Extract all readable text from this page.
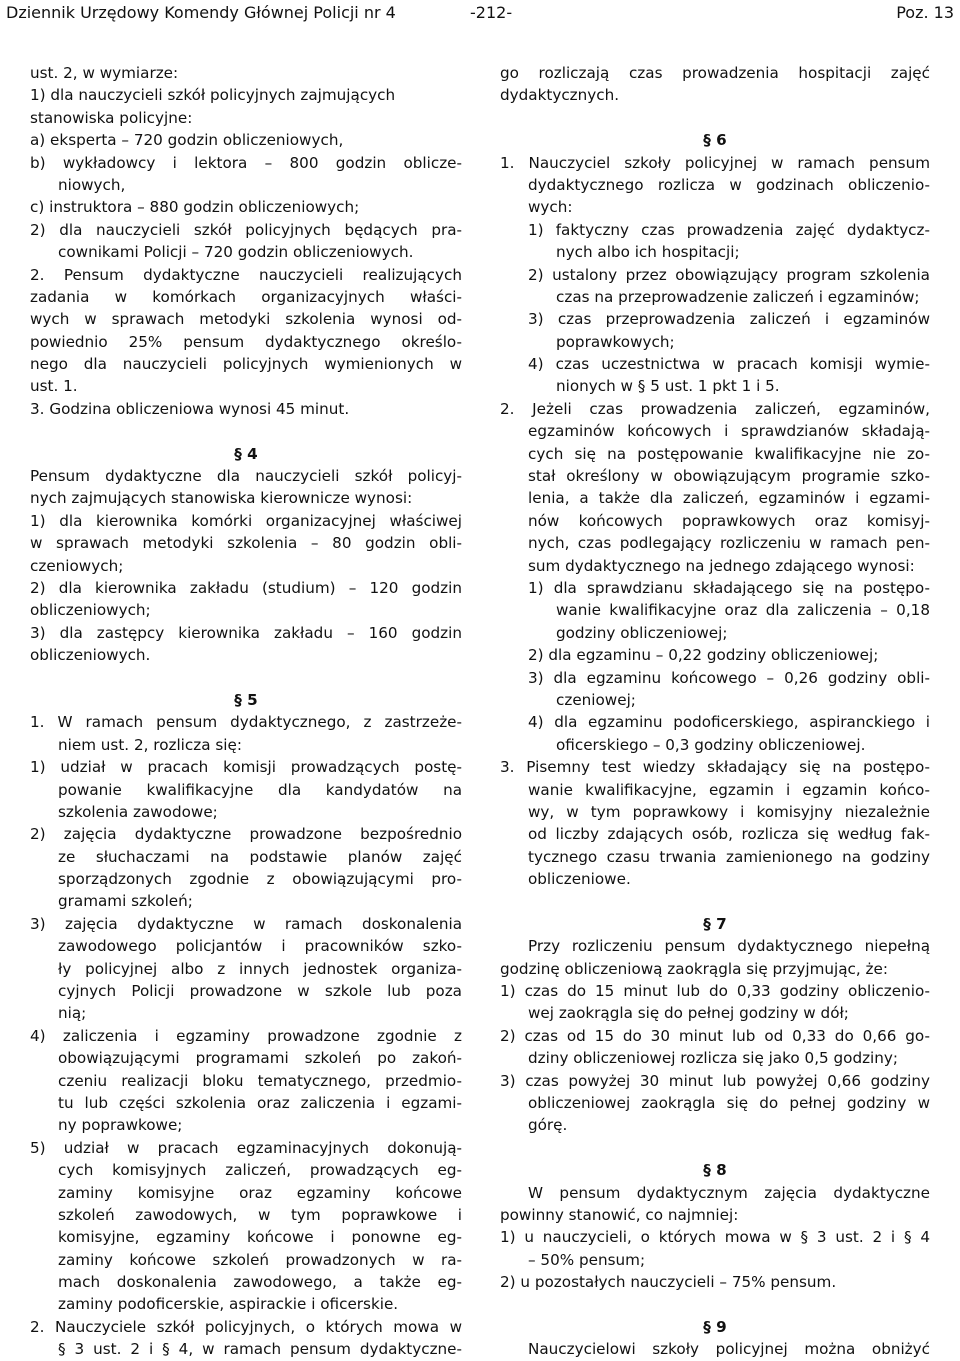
Dziennik Urzędowy Komendy Głównej Policji nr 4	-212-	Poz. 13
ust. 2, w wymiarze:
1) dla nauczycieli szkół policyjnych zajmujących
stanowiska policyjne:
a) eksperta – 720 godzin obliczeniowych,
b) wykładowcy i lektora – 800 godzin oblicze-
niowych,
c) instruktora – 880 godzin obliczeniowych;
2) dla nauczycieli szkół policyjnych będących pra-
cownikami Policji – 720 godzin obliczeniowych.
2. Pensum dydaktyczne nauczycieli realizujących
zadania w komórkach organizacyjnych właści-
wych w sprawach metodyki szkolenia wynosi od-
powiednio 25% pensum dydaktycznego określo-
nego dla nauczycieli policyjnych wymienionych w
ust. 1.
3. Godzina obliczeniowa wynosi 45 minut.
§ 4
Pensum dydaktyczne dla nauczycieli szkół policyj-
nych zajmujących stanowiska kierownicze wynosi:
1) dla kierownika komórki organizacyjnej właściwej
w sprawach metodyki szkolenia – 80 godzin obli-
czeniowych;
2) dla kierownika zakładu (studium) – 120 godzin
obliczeniowych;
3) dla zastępcy kierownika zakładu – 160 godzin
obliczeniowych.
§ 5
1. W ramach pensum dydaktycznego, z zastrzeże-
niem ust. 2, rozlicza się:
1) udział w pracach komisji prowadzących postę-
powanie kwalifikacyjne dla kandydatów na
szkolenia zawodowe;
2) zajęcia dydaktyczne prowadzone bezpośrednio
ze słuchaczami na podstawie planów zajęć
sporządzonych zgodnie z obowiązującymi pro-
gramami szkoleń;
3) zajęcia dydaktyczne w ramach doskonalenia
zawodowego policjantów i pracowników szko-
ły policyjnej albo z innych jednostek organiza-
cyjnych Policji prowadzone w szkole lub poza
nią;
4) zaliczenia i egzaminy prowadzone zgodnie z
obowiązującymi programami szkoleń po zakoń-
czeniu realizacji bloku tematycznego, przedmio-
tu lub części szkolenia oraz zaliczenia i egzami-
ny poprawkowe;
5) udział w pracach egzaminacyjnych dokonują-
cych komisyjnych zaliczeń, prowadzących eg-
zaminy komisyjne oraz egzaminy końcowe
szkoleń zawodowych, w tym poprawkowe i
komisyjne, egzaminy końcowe i ponowne eg-
zaminy końcowe szkoleń prowadzonych w ra-
mach doskonalenia zawodowego, a także eg-
zaminy podoficerskie, aspirackie i oficerskie.
2. Nauczyciele szkół policyjnych, o których mowa w
§ 3 ust. 2 i § 4, w ramach pensum dydaktyczne-
go rozliczają czas prowadzenia hospitacji zajęć
dydaktycznych.
§ 6
1. Nauczyciel szkoły policyjnej w ramach pensum
dydaktycznego rozlicza w godzinach obliczenio-
wych:
1) faktyczny czas prowadzenia zajęć dydaktycz-
nych albo ich hospitacji;
2) ustalony przez obowiązujący program szkolenia
czas na przeprowadzenie zaliczeń i egzaminów;
3) czas przeprowadzenia zaliczeń i egzaminów
poprawkowych;
4) czas uczestnictwa w pracach komisji wymie-
nionych w § 5 ust. 1 pkt 1 i 5.
2. Jeżeli czas prowadzenia zaliczeń, egzaminów,
egzaminów końcowych i sprawdzianów składają-
cych się na postępowanie kwalifikacyjne nie zo-
stał określony w obowiązującym programie szko-
lenia, a także dla zaliczeń, egzaminów i egzami-
nów końcowych poprawkowych oraz komisyj-
nych, czas podlegający rozliczeniu w ramach pen-
sum dydaktycznego na jednego zdającego wynosi:
1) dla sprawdzianu składającego się na postępo-
wanie kwalifikacyjne oraz dla zaliczenia – 0,18
godziny obliczeniowej;
2) dla egzaminu – 0,22 godziny obliczeniowej;
3) dla egzaminu końcowego – 0,26 godziny obli-
czeniowej;
4) dla egzaminu podoficerskiego, aspiranckiego i
oficerskiego – 0,3 godziny obliczeniowej.
3. Pisemny test wiedzy składający się na postępo-
wanie kwalifikacyjne, egzamin i egzamin końco-
wy, w tym poprawkowy i komisyjny niezależnie
od liczby zdających osób, rozlicza się według fak-
tycznego czasu trwania zamienionego na godziny
obliczeniowe.
§ 7
Przy rozliczeniu pensum dydaktycznego niepełną
godzinę obliczeniową zaokrągla się przyjmując, że:
1) czas do 15 minut lub do 0,33 godziny obliczenio-
wej zaokrągla się do pełnej godziny w dół;
2) czas od 15 do 30 minut lub od 0,33 do 0,66 go-
dziny obliczeniowej rozlicza się jako 0,5 godziny;
3) czas powyżej 30 minut lub powyżej 0,66 godziny
obliczeniowej zaokrągla się do pełnej godziny w
górę.
§ 8
W pensum dydaktycznym zajęcia dydaktyczne
powinny stanowić, co najmniej:
1) u nauczycieli, o których mowa w § 3 ust. 2 i § 4
– 50% pensum;
2) u pozostałych nauczycieli – 75% pensum.
§ 9
Nauczycielowi szkoły policyjnej można obniżyć
